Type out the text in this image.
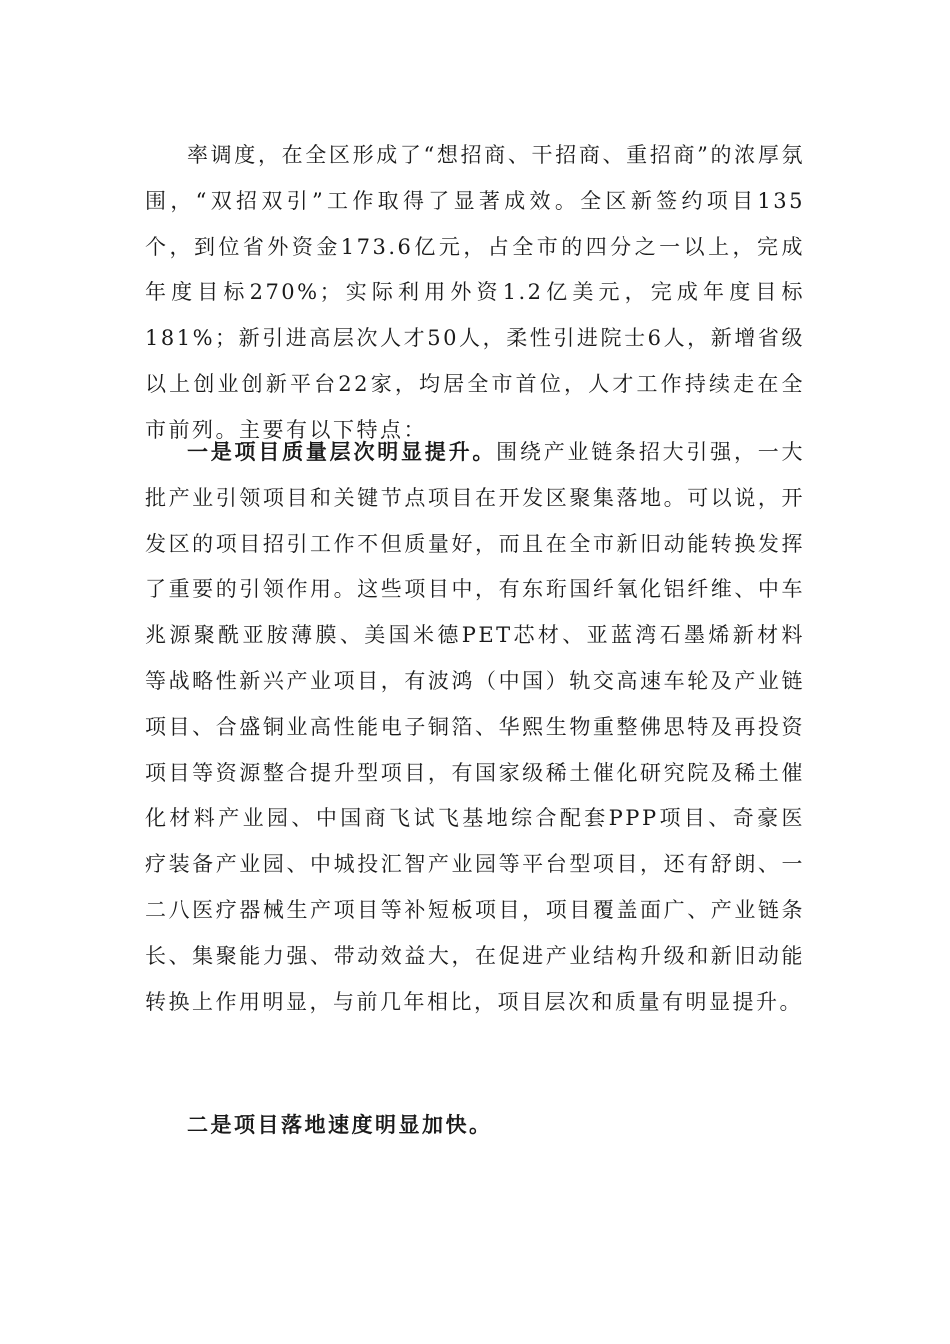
率调度，在全区形成了“想招商、干招商、重招商”的浓厚氛围，“双招双引”工作取得了显著成效。全区新签约项目135个，到位省外资金173.6亿元，占全市的四分之一以上，完成年度目标270%；实际利用外资1.2亿美元，完成年度目标181%；新引进高层次人才50人，柔性引进院士6人，新增省级以上创业创新平台22家，均居全市首位，人才工作持续走在全市前列。主要有以下特点：

一是项目质量层次明显提升。围绕产业链条招大引强，一大批产业引领项目和关键节点项目在开发区聚集落地。可以说，开发区的项目招引工作不但质量好，而且在全市新旧动能转换发挥了重要的引领作用。这些项目中，有东珩国纤氧化铝纤维、中车兆源聚酰亚胺薄膜、美国米德PET芯材、亚蓝湾石墨烯新材料等战略性新兴产业项目，有波鸿（中国）轨交高速车轮及产业链项目、合盛铜业高性能电子铜箔、华熙生物重整佛思特及再投资项目等资源整合提升型项目，有国家级稀土催化研究院及稀土催化材料产业园、中国商飞试飞基地综合配套PPP项目、奇豪医疗装备产业园、中城投汇智产业园等平台型项目，还有舒朗、一二八医疗器械生产项目等补短板项目，项目覆盖面广、产业链条长、集聚能力强、带动效益大，在促进产业结构升级和新旧动能转换上作用明显，与前几年相比，项目层次和质量有明显提升。

二是项目落地速度明显加快。
